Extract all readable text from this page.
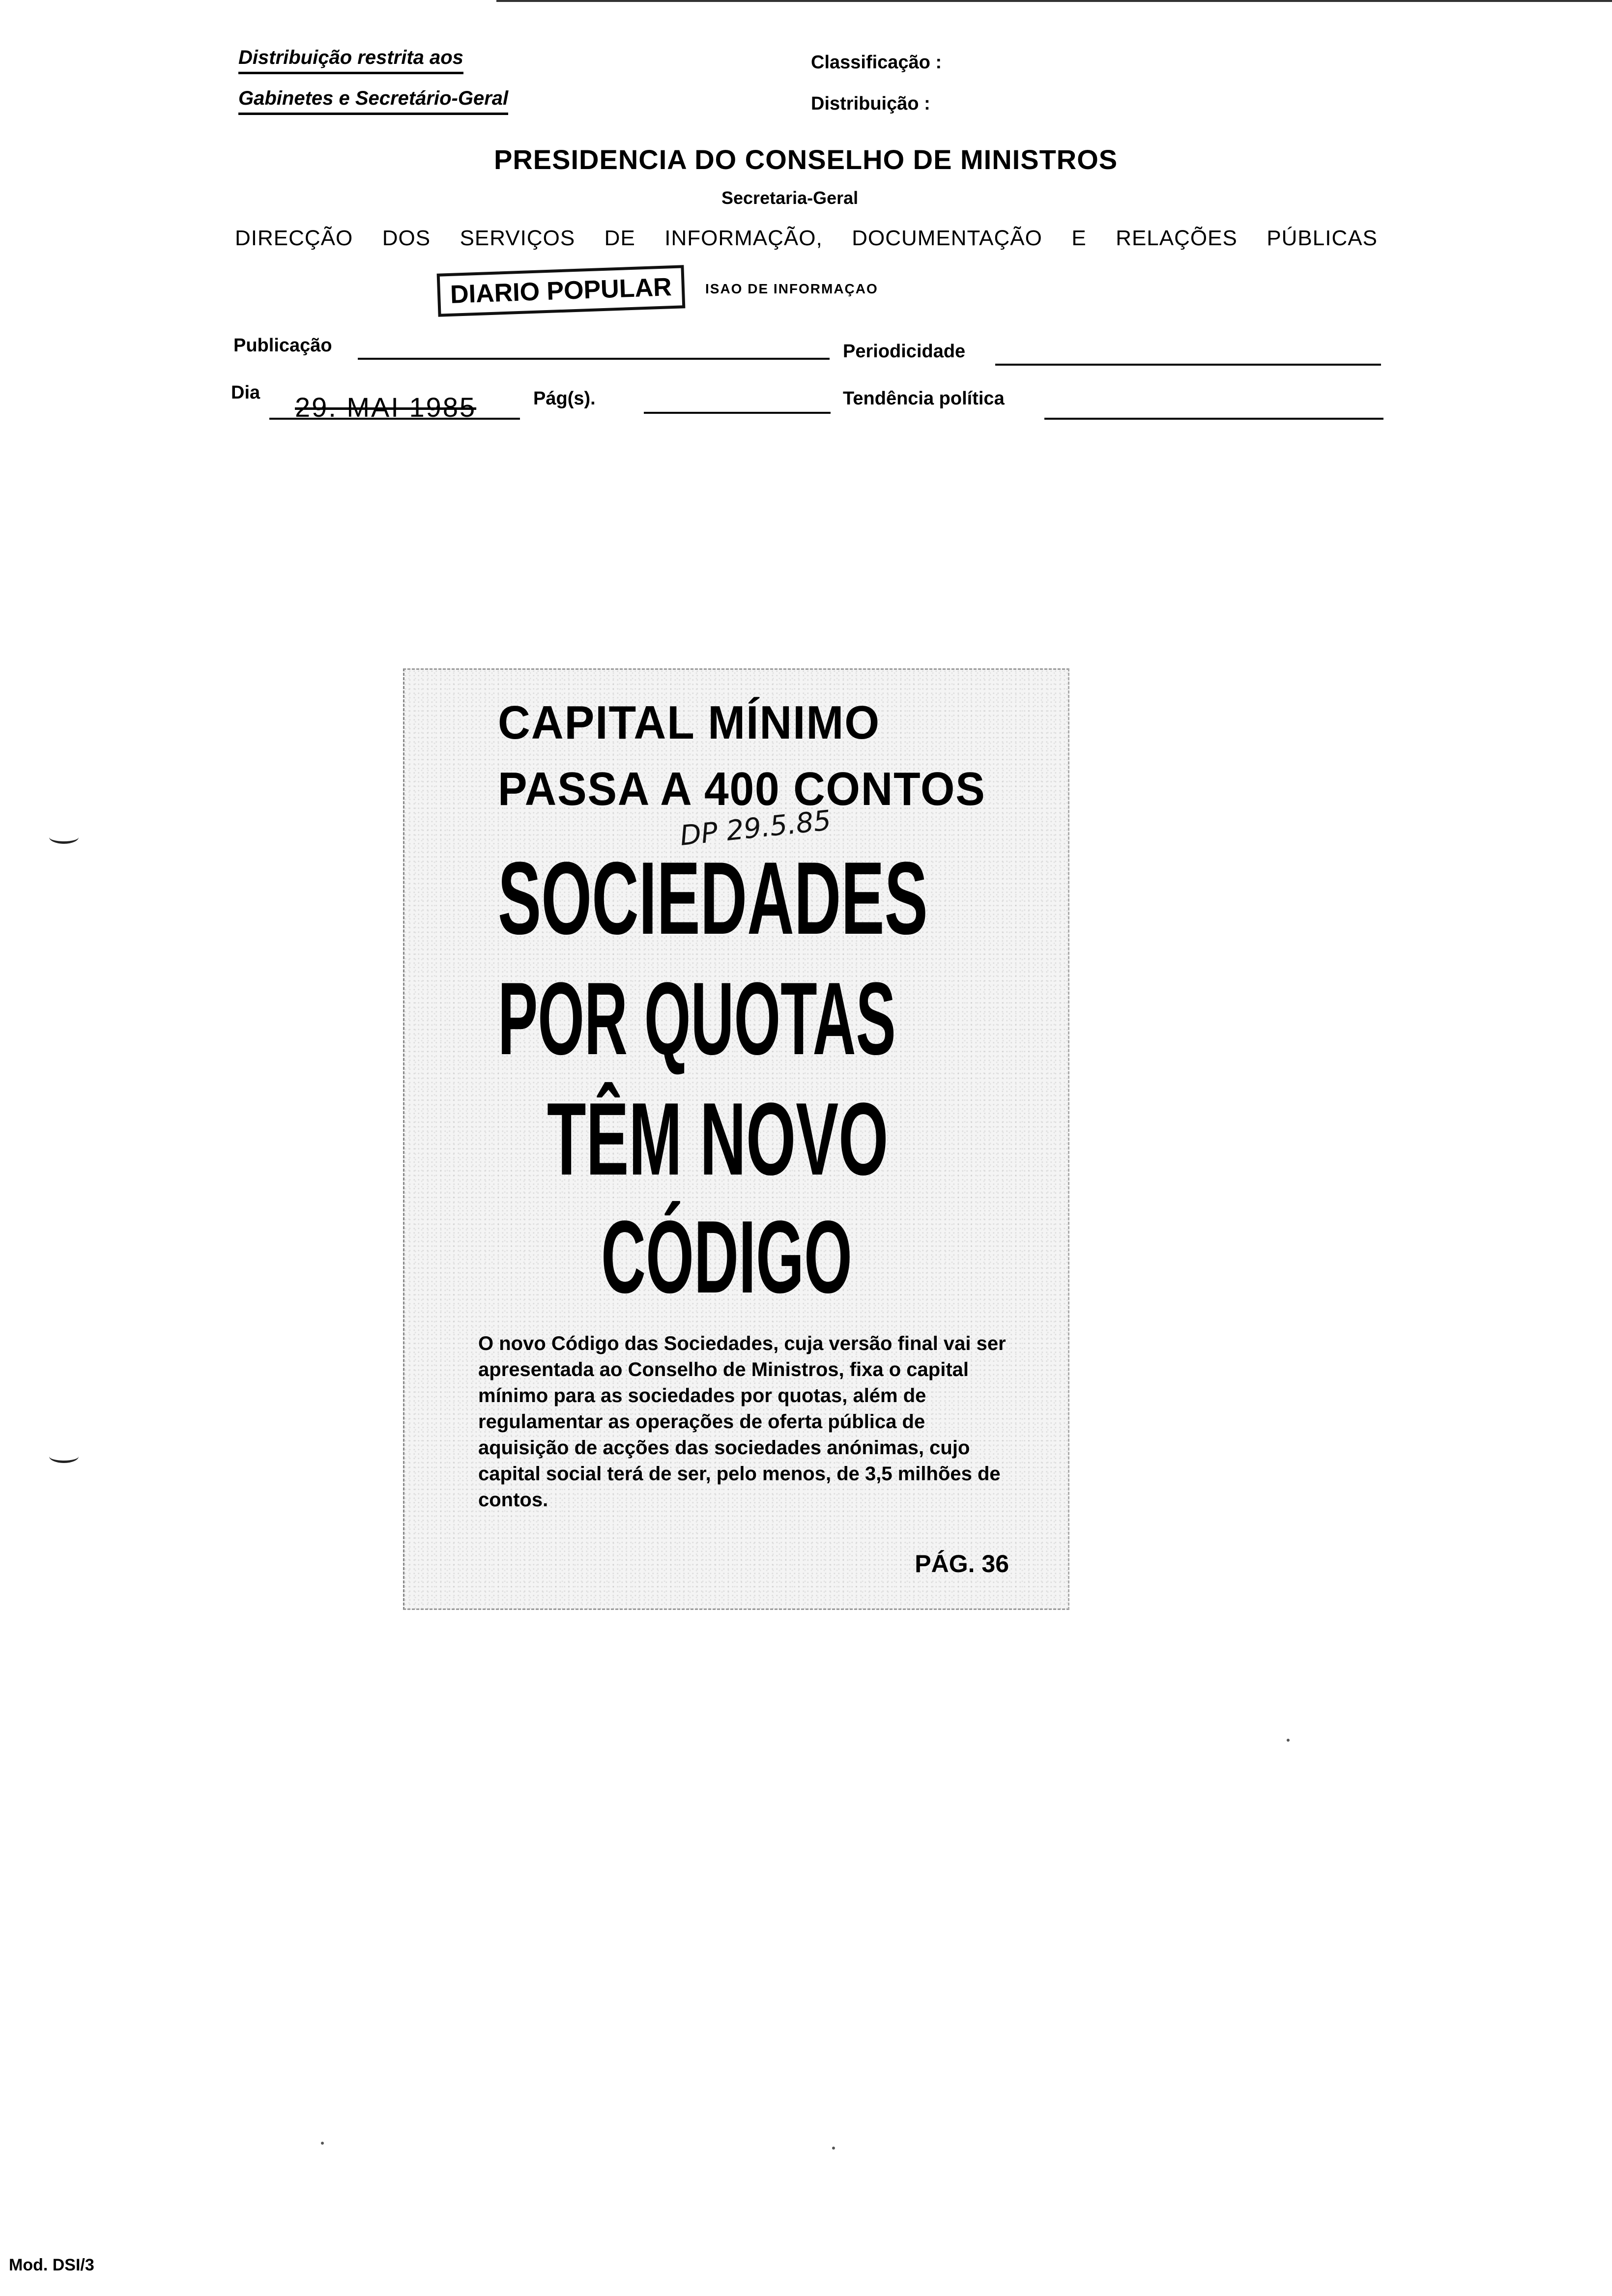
Distribuição restrita aos
Gabinetes e Secretário-Geral
Classificação :
Distribuição :
PRESIDENCIA DO CONSELHO DE MINISTROS
Secretaria-Geral
DIRECÇÃO DOS SERVIÇOS DE INFORMAÇÃO, DOCUMENTAÇÃO E RELAÇÕES PÚBLICAS
DIARIO POPULAR	ISAO DE INFORMAÇAO
Publicação	Periodicidade
Dia 29. MAI 1985	Pág(s).	Tendência política
CAPITAL MÍNIMO
PASSA A 400 CONTOS
DP 29.5.85
SOCIEDADES
POR QUOTAS
TÊM NOVO
CÓDIGO
O novo Código das Sociedades, cuja versão final vai ser apresentada ao Conselho de Ministros, fixa o capital mínimo para as sociedades por quotas, além de regulamentar as operações de oferta pública de aquisição de acções das sociedades anónimas, cujo capital social terá de ser, pelo menos, de 3,5 milhões de contos.
PÁG. 36
Mod. DSI/3
